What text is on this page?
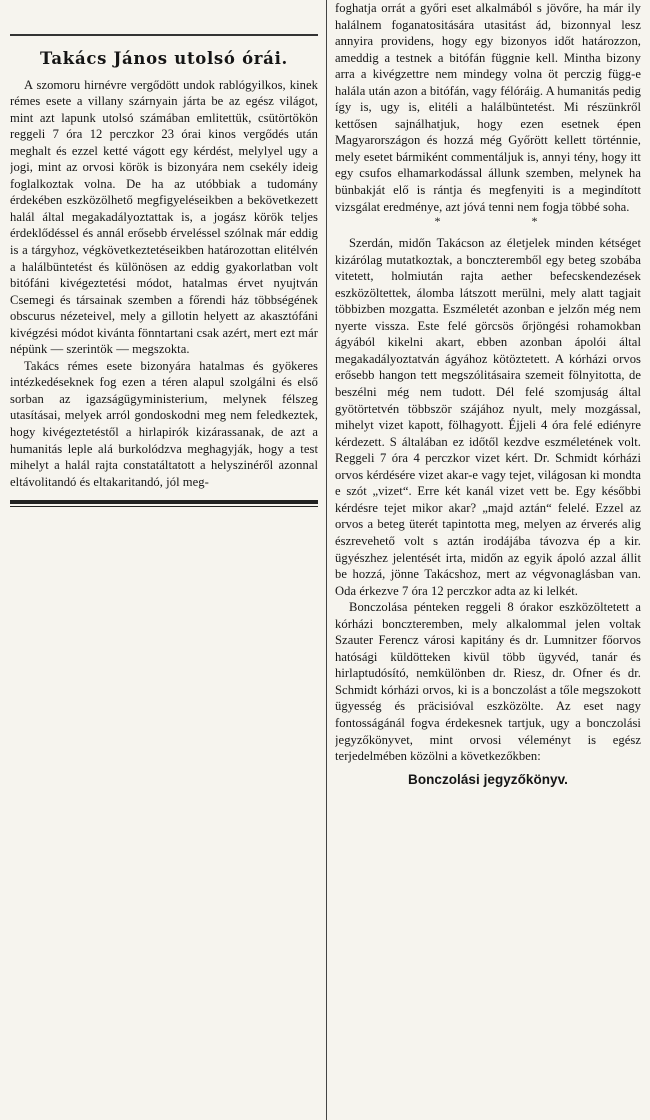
Takács János utolsó órái.

A szomoru hirnévre vergődött undok rablógyilkos, kinek rémes esete a villany szárnyain járta be az egész világot, mint azt lapunk utolsó számában emlitettük, csütörtökön reggeli 7 óra 12 perczkor 23 órai kinos vergődés után meghalt és ezzel ketté vágott egy kérdést, melylyel ugy a jogi, mint az orvosi körök is bizonyára nem csekély ideig foglalkoztak volna. De ha az utóbbiak a tudomány érdekében eszközölhető megfigyeléseikben a bekövetkezett halál által megakadályoztattak is, a jogász körök teljes érdeklődéssel és annál erősebb érveléssel szólnak már eddig is a tárgyhoz, végkövetkeztetéseikben határozottan elitélvén a halálbüntetést és különösen az eddig gyakorlatban volt bitófáni kivégeztetési módot, hatalmas érvet nyujtván Csemegi és társainak szemben a főrendi ház többségének obscurus nézeteivel, mely a gillotin helyett az akasztófáni kivégzési módot kivánta fönntartani csak azért, mert ezt már népünk — szerintök — megszokta.

Takács rémes esete bizonyára hatalmas és gyökeres intézkedéseknek fog ezen a téren alapul szolgálni és első sorban az igazságügyministerium, melynek félszeg utasításai, melyek arról gondoskodni meg nem feledkeztek, hogy kivégeztetéstől a hirlapirók kizárassanak, de azt a humanitás leple alá burkolódzva meghagyják, hogy a test mihelyt a halál rajta constatáltatott a helyszinéről azonnal eltávolitandó és eltakaritandó, jól meg-

foghatja orrát a győri eset alkalmából s jövőre, ha már ily halálnem foganatositására utasitást ád, bizonnyal lesz annyira providens, hogy egy bizonyos időt határozzon, ameddig a testnek a bitófán függnie kell. Mintha bizony arra a kivégzettre nem mindegy volna öt perczig függ-e halála után azon a bitófán, vagy félóráig. A humanitás pedig így is, ugy is, elitéli a halálbüntetést. Mi részünkről kettősen sajnálhatjuk, hogy ezen esetnek épen Magyarországon és hozzá még Győrött kellett történnie, mely esetet bármiként commentáljuk is, annyi tény, hogy itt egy csufos elhamarkodással állunk szemben, melynek ha bünbakját elő is rántja és megfenyiti is a megindított vizsgálat eredménye, azt jóvá tenni nem fogja többé soha.

* *

Szerdán, midőn Takácson az életjelek minden kétséget kizárólag mutatkoztak, a bonczteremből egy beteg szobába vitetett, holmiután rajta aether befecskendezések eszközöltettek, álomba látszott merülni, mely alatt tagjait többizben mozgatta. Eszméletét azonban e jelzőn még nem nyerte vissza. Este felé görcsös őrjöngési rohamokban ágyából kikelni akart, ebben azonban ápolói által megakadályoztatván ágyához kötöztetett. A kórházi orvos erősebb hangon tett megszólitásaira szemeit fölnyitotta, de beszélni még nem tudott. Dél felé szomjuság által gyötörtetvén többször szájához nyult, mely mozgással, mihelyt vizet kapott, fölhagyott. Éjjeli 4 óra felé ediényre kérdezett. S általában ez időtől kezdve eszméletének volt. Reggeli 7 óra 4 perczkor vizet kért. Dr. Schmidt kórházi orvos kérdésére vizet akar-e vagy tejet, világosan ki mondta e szót „vizet“. Erre két kanál vizet vett be. Egy későbbi kérdésre tejet mikor akar? „majd aztán“ felelé. Ezzel az orvos a beteg üterét tapintotta meg, melyen az érverés alig észrevehető volt s aztán irodájába távozva ép a kir. ügyészhez jelentését irta, midőn az egyik ápoló azzal állit be hozzá, jönne Takácshoz, mert az végvonaglásban van. Oda érkezve 7 óra 12 perczkor adta az ki lelkét.

Bonczolása pénteken reggeli 8 órakor eszközöltetett a kórházi bonczteremben, mely alkalommal jelen voltak Szauter Ferencz városi kapitány és dr. Lumnitzer főorvos hatósági küldötteken kivül több ügyvéd, tanár és hirlaptudósító, nemkülönben dr. Riesz, dr. Ofner és dr. Schmidt kórházi orvos, ki is a bonczolást a tőle megszokott ügyesség és präcisióval eszközölte. Az eset nagy fontosságánál fogva érdekesnek tartjuk, ugy a bonczolási jegyzőkönyvet, mint orvosi véleményt is egész terjedelmében közölni a következőkben:

Bonczolási jegyzőkönyv.
